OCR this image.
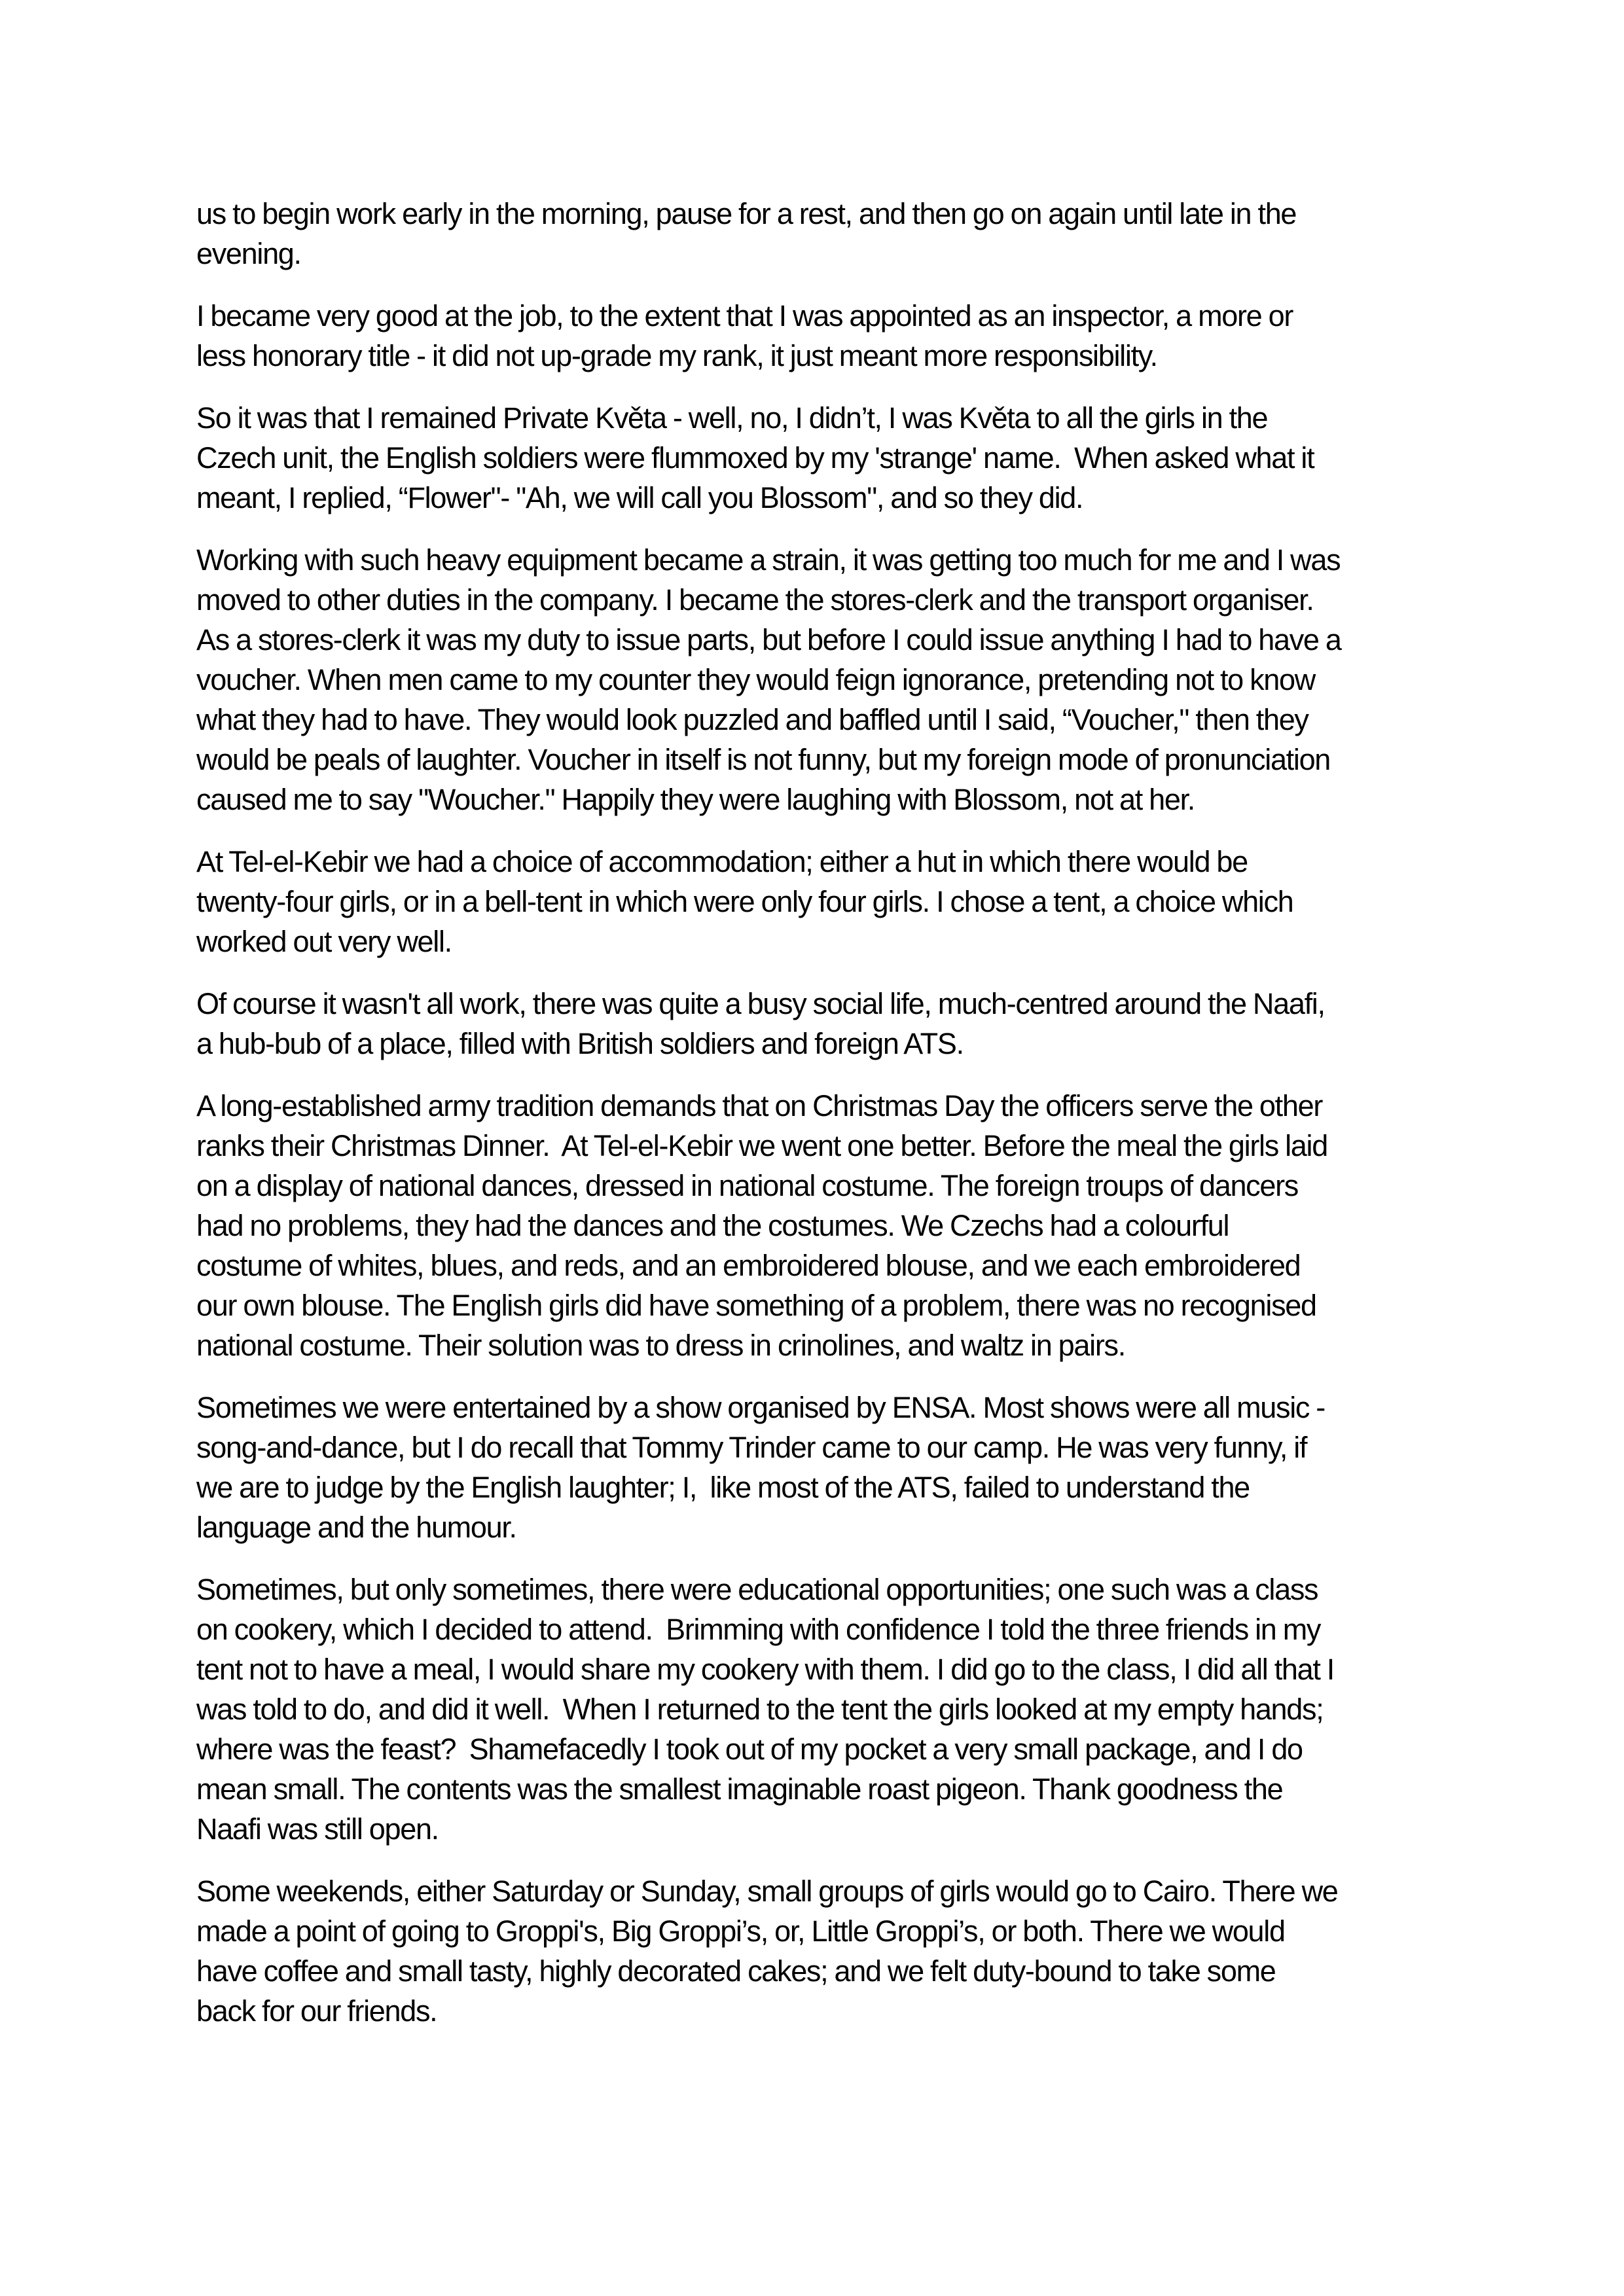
us to begin work early in the morning, pause for a rest, and then go on again until late in the
evening.
I became very good at the job, to the extent that I was appointed as an inspector, a more or
less honorary title - it did not up-grade my rank, it just meant more responsibility.
So it was that I remained Private Květa - well, no, I didn’t, I was Květa to all the girls in the
Czech unit, the English soldiers were flummoxed by my 'strange' name.  When asked what it
meant, I replied, “Flower"- "Ah, we will call you Blossom", and so they did.
Working with such heavy equipment became a strain, it was getting too much for me and I was
moved to other duties in the company. I became the stores-clerk and the transport organiser.
As a stores-clerk it was my duty to issue parts, but before I could issue anything I had to have a
voucher. When men came to my counter they would feign ignorance, pretending not to know
what they had to have. They would look puzzled and baffled until I said, “Voucher," then they
would be peals of laughter. Voucher in itself is not funny, but my foreign mode of pronunciation
caused me to say "Woucher." Happily they were laughing with Blossom, not at her.
At Tel-el-Kebir we had a choice of accommodation; either a hut in which there would be
twenty-four girls, or in a bell-tent in which were only four girls. I chose a tent, a choice which
worked out very well.
Of course it wasn't all work, there was quite a busy social life, much-centred around the Naafi,
a hub-bub of a place, filled with British soldiers and foreign ATS.
A long-established army tradition demands that on Christmas Day the officers serve the other
ranks their Christmas Dinner.  At Tel-el-Kebir we went one better. Before the meal the girls laid
on a display of national dances, dressed in national costume. The foreign troups of dancers
had no problems, they had the dances and the costumes. We Czechs had a colourful
costume of whites, blues, and reds, and an embroidered blouse, and we each embroidered
our own blouse. The English girls did have something of a problem, there was no recognised
national costume. Their solution was to dress in crinolines, and waltz in pairs.
Sometimes we were entertained by a show organised by ENSA. Most shows were all music -
song-and-dance, but I do recall that Tommy Trinder came to our camp. He was very funny, if
we are to judge by the English laughter; I,  like most of the ATS, failed to understand the
language and the humour.
Sometimes, but only sometimes, there were educational opportunities; one such was a class
on cookery, which I decided to attend.  Brimming with confidence I told the three friends in my
tent not to have a meal, I would share my cookery with them. I did go to the class, I did all that I
was told to do, and did it well.  When I returned to the tent the girls looked at my empty hands;
where was the feast?  Shamefacedly I took out of my pocket a very small package, and I do
mean small. The contents was the smallest imaginable roast pigeon. Thank goodness the
Naafi was still open.
Some weekends, either Saturday or Sunday, small groups of girls would go to Cairo. There we
made a point of going to Groppi's, Big Groppi’s, or, Little Groppi’s, or both. There we would
have coffee and small tasty, highly decorated cakes; and we felt duty-bound to take some
back for our friends.
